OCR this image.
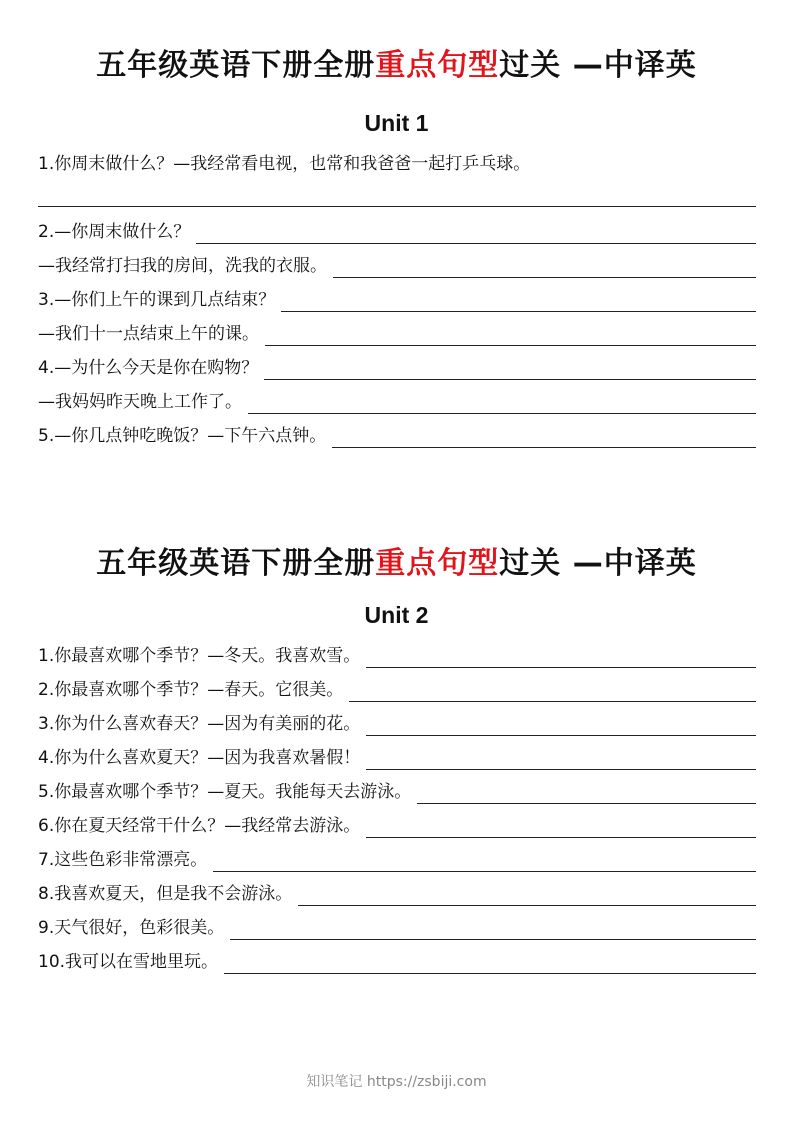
五年级英语下册全册重点句型过关 —中译英
Unit 1
1.你周末做什么？—我经常看电视，也常和我爸爸一起打乒乓球。
2.—你周末做什么？
—我经常打扫我的房间，洗我的衣服。
3.—你们上午的课到几点结束？
—我们十一点结束上午的课。
4.—为什么今天是你在购物？
—我妈妈昨天晚上工作了。
5.—你几点钟吃晚饭？—下午六点钟。
五年级英语下册全册重点句型过关 —中译英
Unit 2
1.你最喜欢哪个季节？—冬天。我喜欢雪。
2.你最喜欢哪个季节？—春天。它很美。
3.你为什么喜欢春天？—因为有美丽的花。
4.你为什么喜欢夏天？—因为我喜欢暑假！
5.你最喜欢哪个季节？—夏天。我能每天去游泳。
6.你在夏天经常干什么？—我经常去游泳。
7.这些色彩非常漂亮。
8.我喜欢夏天，但是我不会游泳。
9.天气很好，色彩很美。
10.我可以在雪地里玩。
知识笔记 https://zsbiji.com
